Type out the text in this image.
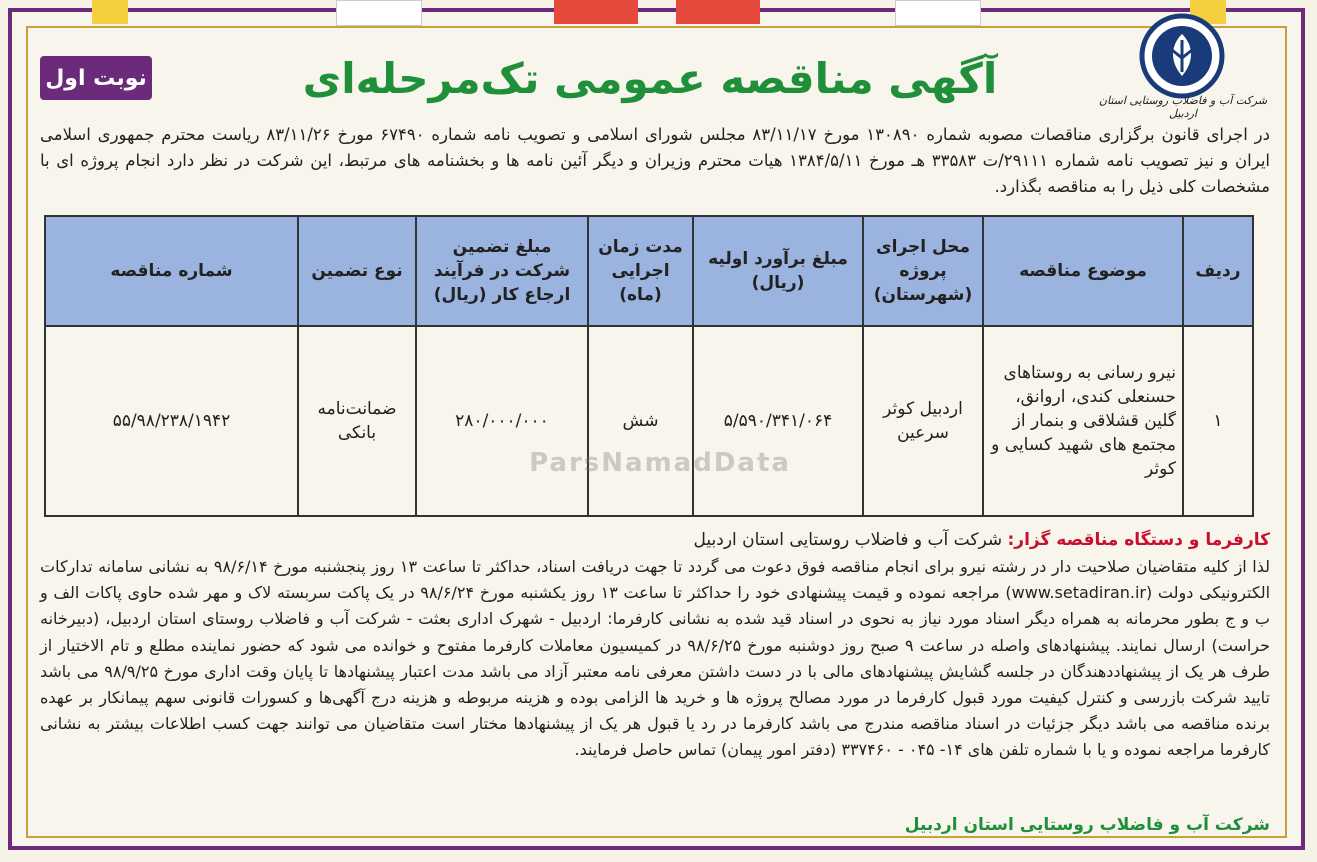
نوبت اول	آگهی مناقصه عمومی تک‌مرحله‌ای	شرکت آب و فاضلاب روستایی استان اردبیل
در اجرای قانون برگزاری مناقصات مصوبه شماره ۱۳۰۸۹۰ مورخ ۸۳/۱۱/۱۷ مجلس شورای اسلامی و تصویب نامه شماره ۶۷۴۹۰ مورخ ۸۳/۱۱/۲۶ ریاست محترم جمهوری اسلامی ایران و نیز تصویب نامه شماره ۲۹۱۱۱/ت ۳۳۵۸۳ هـ مورخ ۱۳۸۴/۵/۱۱ هیات محترم وزیران و دیگر آئین نامه ها و بخشنامه های مرتبط، این شرکت در نظر دارد انجام پروژه ای با مشخصات کلی ذیل را به مناقصه بگذارد.
ردیف	موضوع مناقصه	محل اجرای پروژه (شهرستان)	مبلغ برآورد اولیه (ریال)	مدت زمان اجرایی (ماه)	مبلغ تضمین شرکت در فرآیند ارجاع کار (ریال)	نوع تضمین	شماره مناقصه
۱	نیرو رسانی به روستاهای حسنعلی کندی، اروانق، گلین قشلاقی و بنمار از مجتمع های شهید کسایی و کوثر	اردبیل کوثر سرعین	۵/۵۹۰/۳۴۱/۰۶۴	شش	۲۸۰/۰۰۰/۰۰۰	ضمانت‌نامه بانکی	۵۵/۹۸/۲۳۸/۱۹۴۲
ParsNamadData
کارفرما و دستگاه مناقصه گزار: شرکت آب و فاضلاب روستایی استان اردبیل
لذا از کلیه متقاضیان صلاحیت دار در رشته نیرو برای انجام مناقصه فوق دعوت می گردد تا جهت دریافت اسناد، حداکثر تا ساعت ۱۳ روز پنجشنبه مورخ ۹۸/۶/۱۴ به نشانی سامانه تدارکات الکترونیکی دولت (www.setadiran.ir) مراجعه نموده و قیمت پیشنهادی خود را حداکثر تا ساعت ۱۳ روز یکشنبه مورخ ۹۸/۶/۲۴ در یک پاکت سربسته لاک و مهر شده حاوی پاکات الف و ب و ج بطور محرمانه به همراه دیگر اسناد مورد نیاز به نحوی در اسناد قید شده به نشانی کارفرما: اردبیل - شهرک اداری بعثت - شرکت آب و فاضلاب روستای استان اردبیل، (دبیرخانه حراست) ارسال نمایند. پیشنهادهای واصله در ساعت ۹ صبح روز دوشنبه مورخ ۹۸/۶/۲۵ در کمیسیون معاملات کارفرما مفتوح و خوانده می شود که حضور نماینده مطلع و تام الاختیار از طرف هر یک از پیشنهاددهندگان در جلسه گشایش پیشنهادهای مالی با در دست داشتن معرفی نامه معتبر آزاد می باشد مدت اعتبار پیشنهادها تا پایان وقت اداری مورخ ۹۸/۹/۲۵ می باشد تایید شرکت بازرسی و کنترل کیفیت مورد قبول کارفرما در مورد مصالح پروژه ها و خرید ها الزامی بوده و هزینه مربوطه و هزینه درج آگهی‌ها و کسورات قانونی سهم پیمانکار بر عهده برنده مناقصه می باشد دیگر جزئیات در اسناد مناقصه مندرج می باشد کارفرما در رد یا قبول هر یک از پیشنهادها مختار است متقاضیان می توانند جهت کسب اطلاعات بیشتر به نشانی کارفرما مراجعه نموده و یا با شماره تلفن های ۱۴- ۰۴۵ - ۳۳۷۴۶۰ (دفتر امور پیمان) تماس حاصل فرمایند.
شرکت آب و فاضلاب روستایی استان اردبیل
